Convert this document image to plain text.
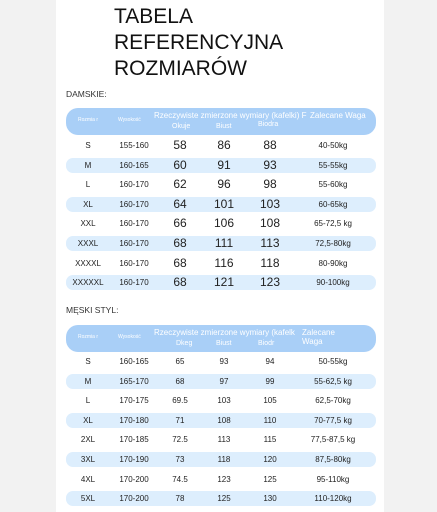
TABELA
REFERENCYJNA
ROZMIARÓW
DAMSKIE:
Rozmia r	Wysokość Rzeczywiste zmierzone wymiary (kafelki) F Zalecane Waga
Okuje	Biust	Biodra
S	155-160	58	86	88	40-50kg
M	160-165	60	91	93	55-55kg
L	160-170	62	96	98	55-60kg
XL	160-170	64	101	103	60-65kg
XXL	160-170	66	106	108	65-72,5 kg
XXXL	160-170	68	111	113	72,5-80kg
XXXXL	160-170	68	116	118	80-90kg
XXXXXL	160-170	68	121	123	90-100kg
MĘSKI STYL:
Rozmia r	Wysokość Rzeczywiste zmierzone wymiary (kafelk Zalecane Waga
Dkeg	Biust	Biodr
S	160-165	65	93	94	50-55kg
M	165-170	68	97	99	55-62,5 kg
L	170-175	69.5	103	105	62,5-70kg
XL	170-180	71	108	110	70-77,5 kg
2XL	170-185	72.5	113	115	77,5-87,5 kg
3XL	170-190	73	118	120	87,5-80kg
4XL	170-200	74.5	123	125	95-110kg
5XL	170-200	78	125	130	110-120kg
